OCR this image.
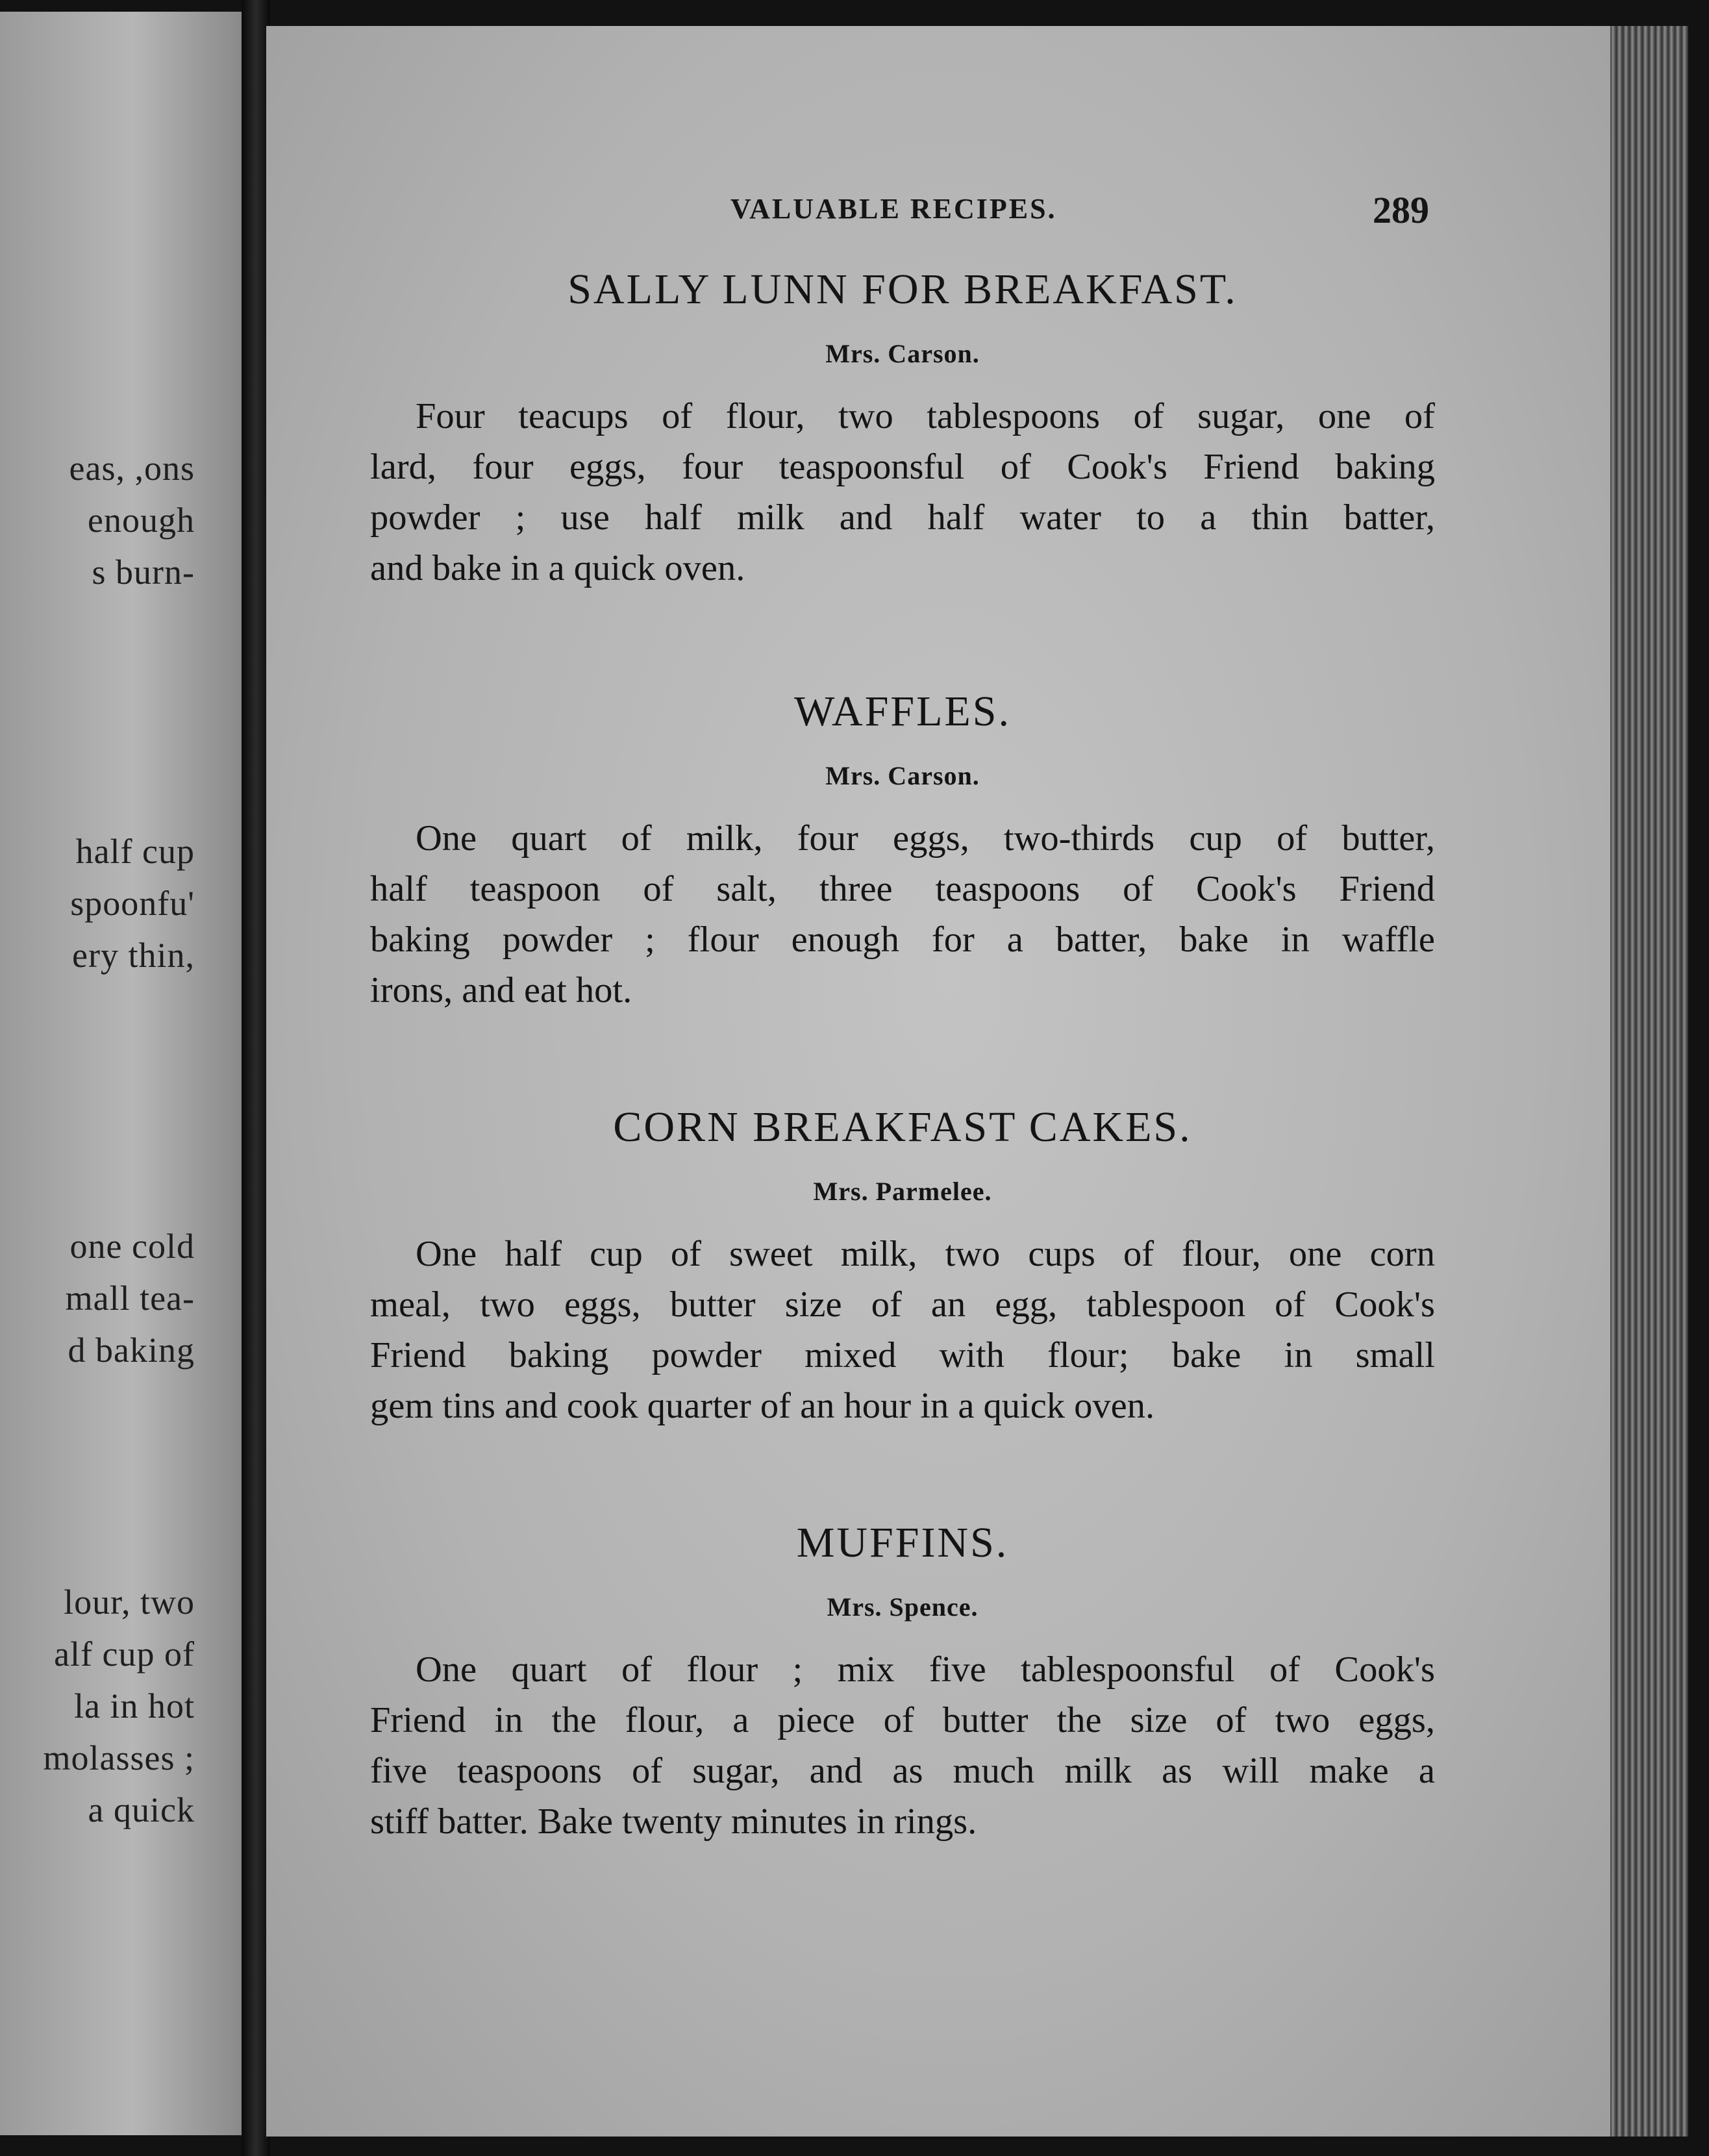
eas, ,ons
enough
s burn-
half cup
spoonfu'
ery thin,
one cold
mall tea-
d baking
lour, two
alf cup of
la in hot
molasses ;
a quick
VALUABLE RECIPES.	289
SALLY LUNN FOR BREAKFAST.
Mrs. Carson.
Four teacups of flour, two tablespoons of sugar, one of
lard, four eggs, four teaspoonsful of Cook's Friend baking
powder ; use half milk and half water to a thin batter,
and bake in a quick oven.
WAFFLES.
Mrs. Carson.
One quart of milk, four eggs, two-thirds cup of butter,
half teaspoon of salt, three teaspoons of Cook's Friend
baking powder ; flour enough for a batter, bake in waffle
irons, and eat hot.
CORN BREAKFAST CAKES.
Mrs. Parmelee.
One half cup of sweet milk, two cups of flour, one corn
meal, two eggs, butter size of an egg, tablespoon of Cook's
Friend baking powder mixed with flour; bake in small
gem tins and cook quarter of an hour in a quick oven.
MUFFINS.
Mrs. Spence.
One quart of flour ; mix five tablespoonsful of Cook's
Friend in the flour, a piece of butter the size of two eggs,
five teaspoons of sugar, and as much milk as will make a
stiff batter. Bake twenty minutes in rings.
